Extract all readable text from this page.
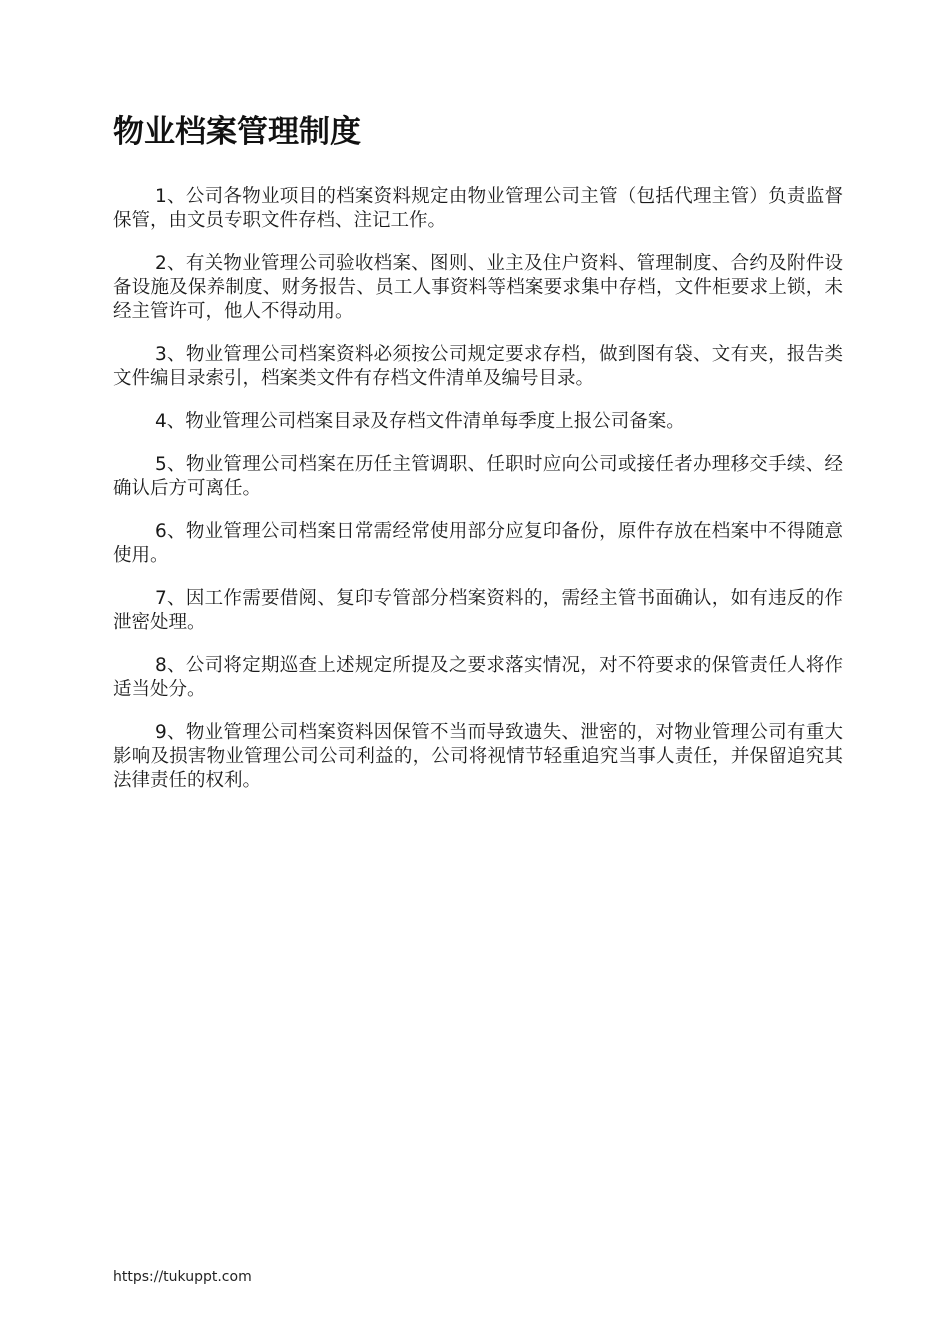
物业档案管理制度

1、公司各物业项目的档案资料规定由物业管理公司主管（包括代理主管）负责监督保管，由文员专职文件存档、注记工作。

2、有关物业管理公司验收档案、图则、业主及住户资料、管理制度、合约及附件设备设施及保养制度、财务报告、员工人事资料等档案要求集中存档，文件柜要求上锁，未经主管许可，他人不得动用。

3、物业管理公司档案资料必须按公司规定要求存档，做到图有袋、文有夹，报告类文件编目录索引，档案类文件有存档文件清单及编号目录。

4、物业管理公司档案目录及存档文件清单每季度上报公司备案。

5、物业管理公司档案在历任主管调职、任职时应向公司或接任者办理移交手续、经确认后方可离任。

6、物业管理公司档案日常需经常使用部分应复印备份，原件存放在档案中不得随意使用。

7、因工作需要借阅、复印专管部分档案资料的，需经主管书面确认，如有违反的作泄密处理。

8、公司将定期巡查上述规定所提及之要求落实情况，对不符要求的保管责任人将作适当处分。

9、物业管理公司档案资料因保管不当而导致遗失、泄密的，对物业管理公司有重大影响及损害物业管理公司公司利益的，公司将视情节轻重追究当事人责任，并保留追究其法律责任的权利。

https://tukuppt.com
